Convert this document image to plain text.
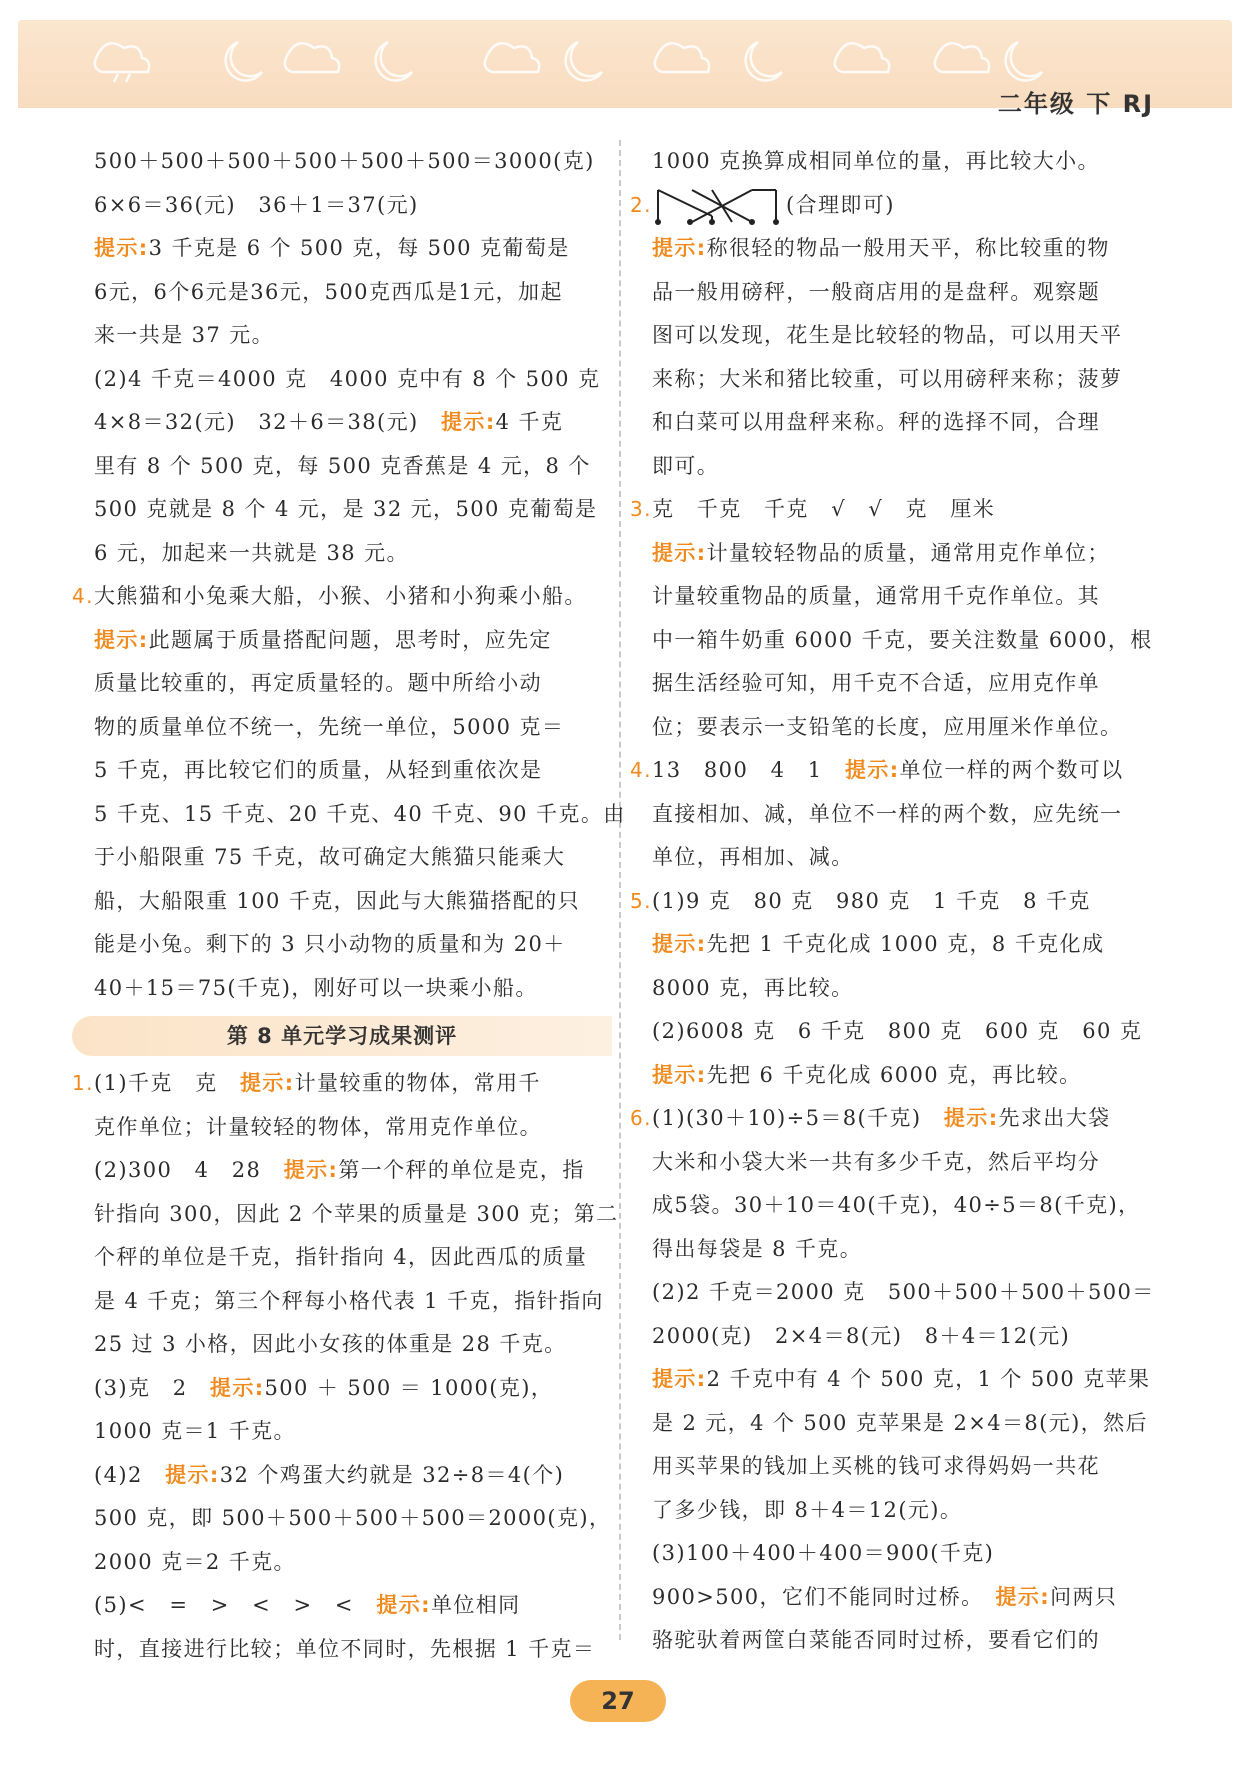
二年级 下 RJ
500＋500＋500＋500＋500＋500＝3000(克)
6×6＝36(元)　36＋1＝37(元)
提示:3 千克是 6 个 500 克，每 500 克葡萄是
6元，6个6元是36元，500克西瓜是1元，加起
来一共是 37 元。
(2)4 千克＝4000 克　4000 克中有 8 个 500 克
4×8＝32(元)　32＋6＝38(元)　提示:4 千克
里有 8 个 500 克，每 500 克香蕉是 4 元，8 个
500 克就是 8 个 4 元，是 32 元，500 克葡萄是
6 元，加起来一共就是 38 元。
4.大熊猫和小兔乘大船，小猴、小猪和小狗乘小船。
提示:此题属于质量搭配问题，思考时，应先定
质量比较重的，再定质量轻的。题中所给小动
物的质量单位不统一，先统一单位，5000 克＝
5 千克，再比较它们的质量，从轻到重依次是
5 千克、15 千克、20 千克、40 千克、90 千克。由
于小船限重 75 千克，故可确定大熊猫只能乘大
船，大船限重 100 千克，因此与大熊猫搭配的只
能是小兔。剩下的 3 只小动物的质量和为 20＋
40＋15＝75(千克)，刚好可以一块乘小船。
第 8 单元学习成果测评
1.(1)千克　克　提示:计量较重的物体，常用千
克作单位；计量较轻的物体，常用克作单位。
(2)300　4　28　提示:第一个秤的单位是克，指
针指向 300，因此 2 个苹果的质量是 300 克；第二
个秤的单位是千克，指针指向 4，因此西瓜的质量
是 4 千克；第三个秤每小格代表 1 千克，指针指向
25 过 3 小格，因此小女孩的体重是 28 千克。
(3)克　2　提示:500 ＋ 500 ＝ 1000(克)，
1000 克＝1 千克。
(4)2　提示:32 个鸡蛋大约就是 32÷8＝4(个)
500 克，即 500＋500＋500＋500＝2000(克)，
2000 克＝2 千克。
(5)<　=　>　<　>　<　提示:单位相同
时，直接进行比较；单位不同时，先根据 1 千克＝
1000 克换算成相同单位的量，再比较大小。
2.	(合理即可)
提示:称很轻的物品一般用天平，称比较重的物
品一般用磅秤，一般商店用的是盘秤。观察题
图可以发现，花生是比较轻的物品，可以用天平
来称；大米和猪比较重，可以用磅秤来称；菠萝
和白菜可以用盘秤来称。秤的选择不同，合理
即可。
3.克　千克　千克　√　√　克　厘米
提示:计量较轻物品的质量，通常用克作单位；
计量较重物品的质量，通常用千克作单位。其
中一箱牛奶重 6000 千克，要关注数量 6000，根
据生活经验可知，用千克不合适，应用克作单
位；要表示一支铅笔的长度，应用厘米作单位。
4.13　800　4　1　提示:单位一样的两个数可以
直接相加、减，单位不一样的两个数，应先统一
单位，再相加、减。
5.(1)9 克　80 克　980 克　1 千克　8 千克
提示:先把 1 千克化成 1000 克，8 千克化成
8000 克，再比较。
(2)6008 克　6 千克　800 克　600 克　60 克
提示:先把 6 千克化成 6000 克，再比较。
6.(1)(30＋10)÷5＝8(千克)　提示:先求出大袋
大米和小袋大米一共有多少千克，然后平均分
成5袋。30＋10＝40(千克)，40÷5＝8(千克)，
得出每袋是 8 千克。
(2)2 千克＝2000 克　500＋500＋500＋500＝
2000(克)　2×4＝8(元)　8＋4＝12(元)
提示:2 千克中有 4 个 500 克，1 个 500 克苹果
是 2 元，4 个 500 克苹果是 2×4＝8(元)，然后
用买苹果的钱加上买桃的钱可求得妈妈一共花
了多少钱，即 8＋4＝12(元)。
(3)100＋400＋400＝900(千克)
900>500，它们不能同时过桥。　提示:问两只
骆驼驮着两筐白菜能否同时过桥，要看它们的
27
